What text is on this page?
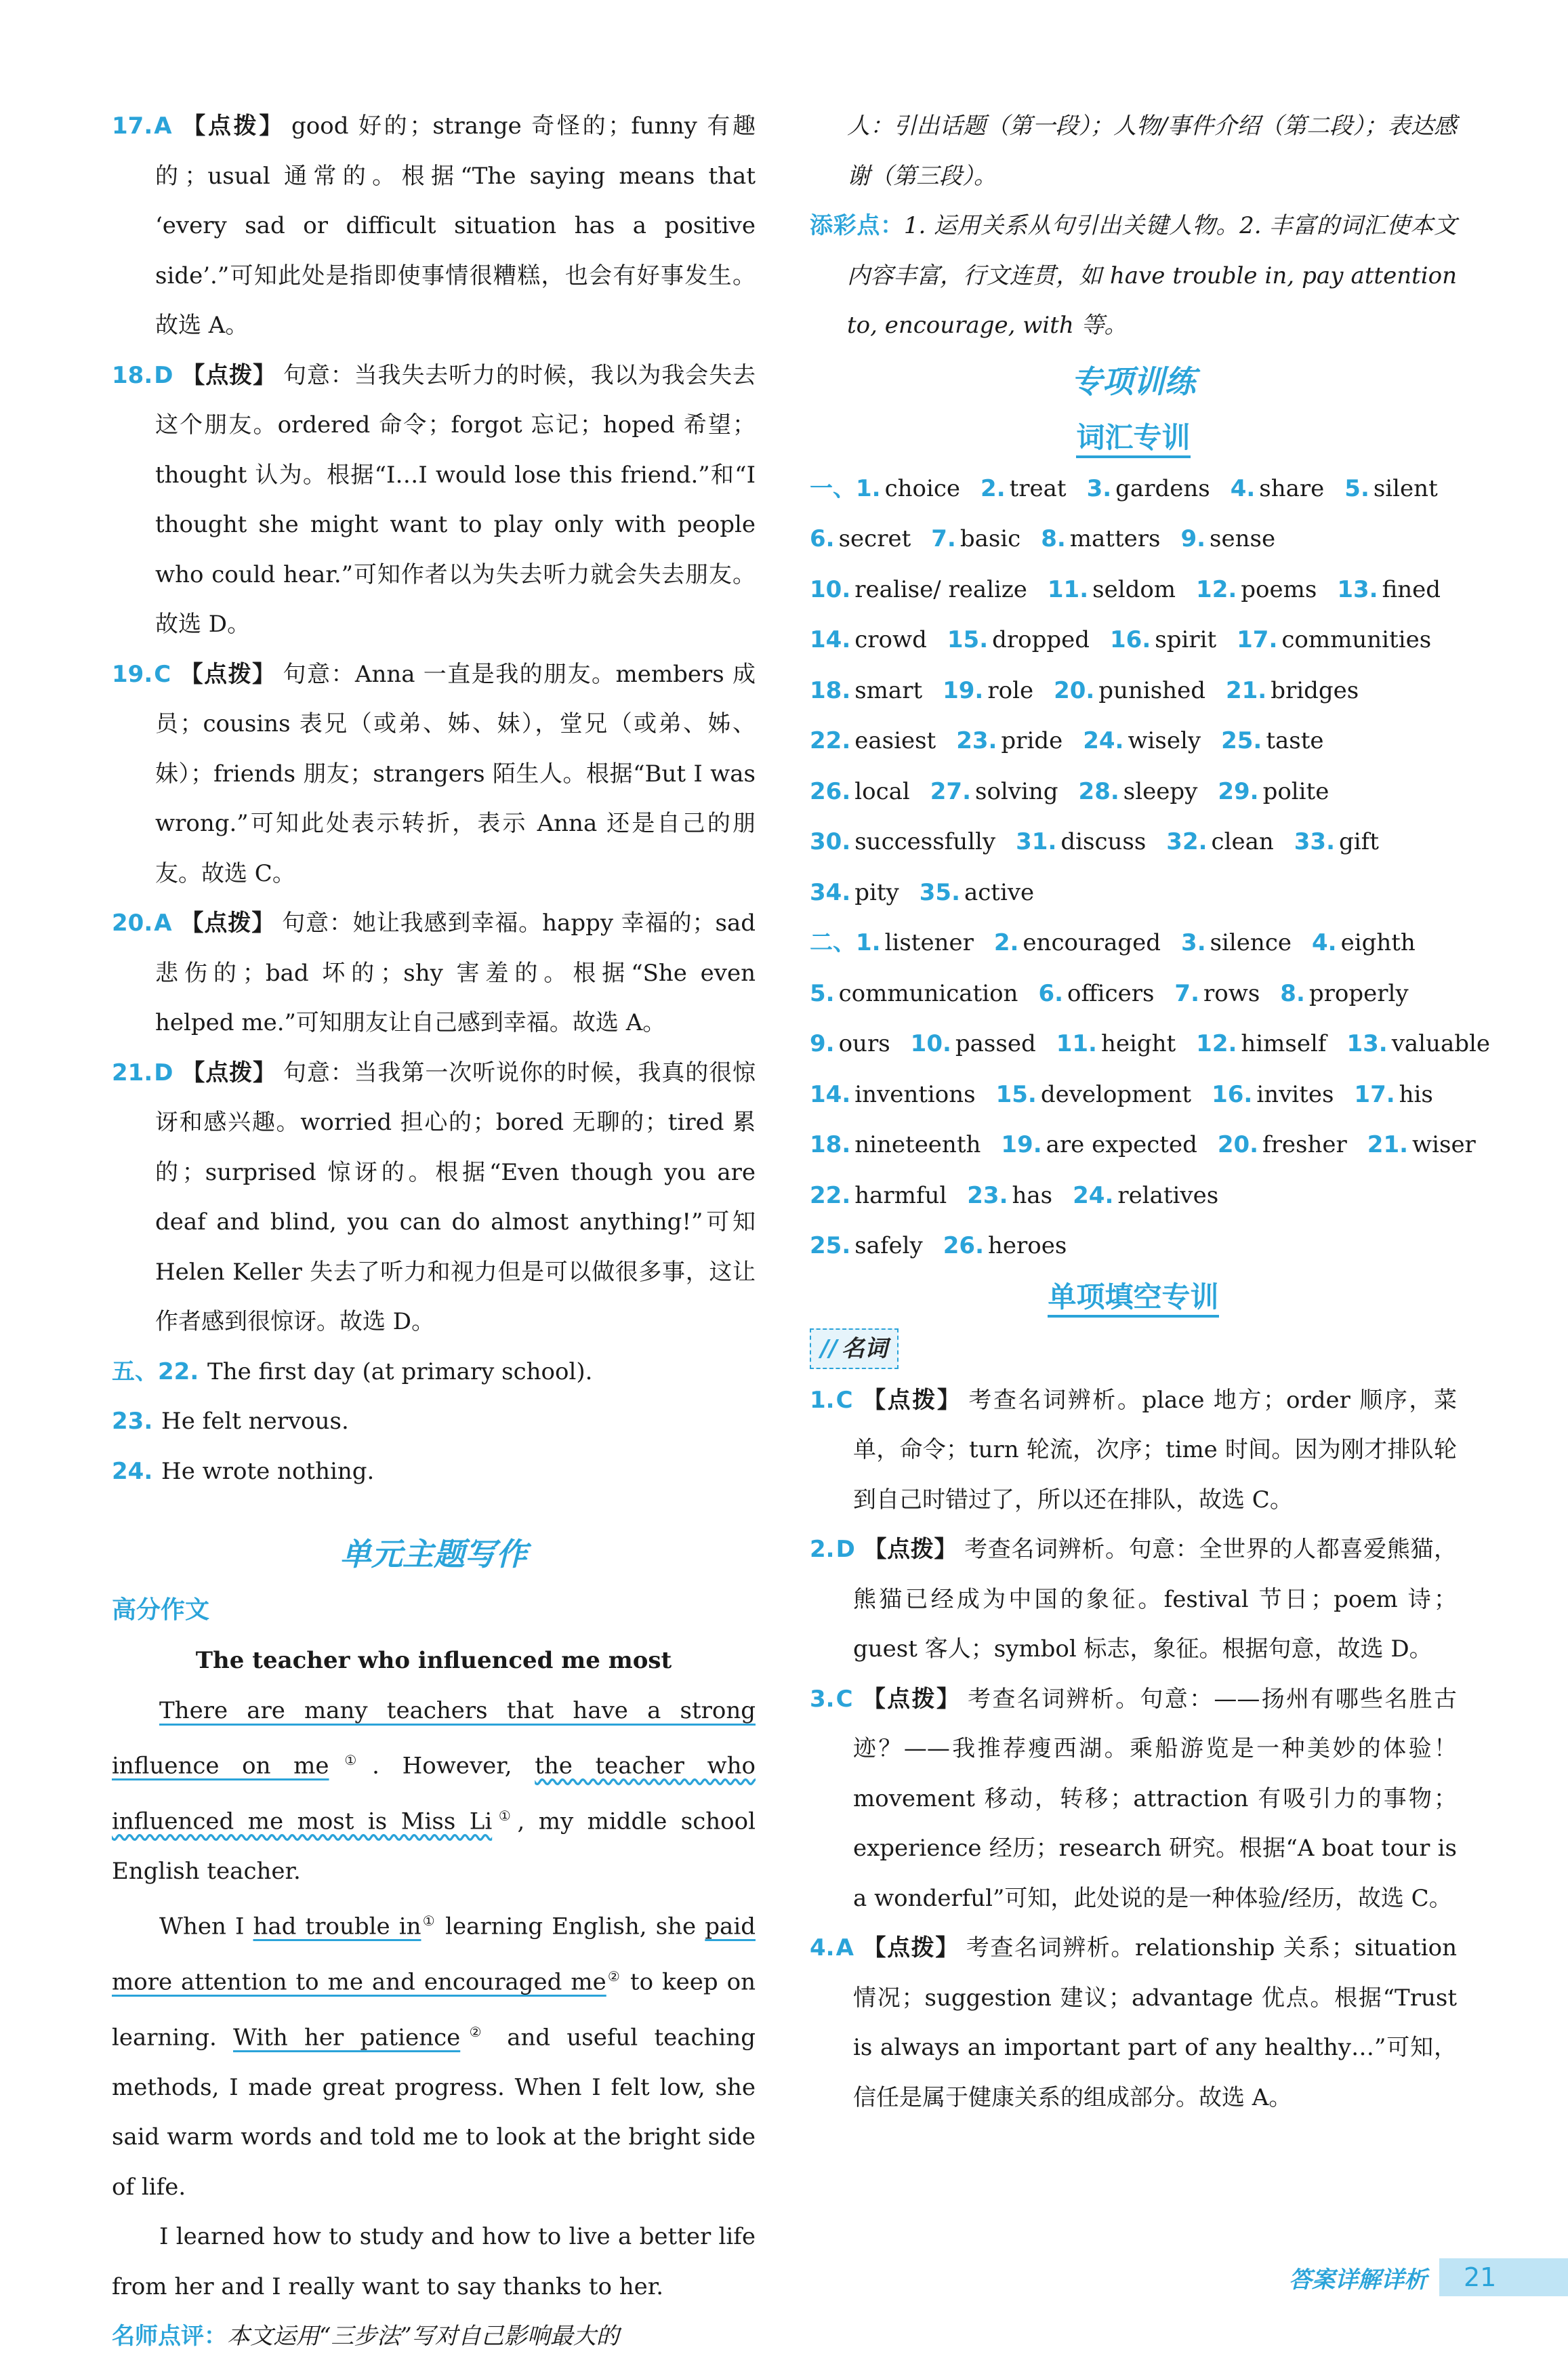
17.A 【点拨】 good 好的；strange 奇怪的；funny 有趣的；usual 通常的。根据“The saying means that ‘every sad or difficult situation has a positive side’.”可知此处是指即使事情很糟糕，也会有好事发生。故选 A。

18.D 【点拨】 句意：当我失去听力的时候，我以为我会失去这个朋友。ordered 命令；forgot 忘记；hoped 希望；thought 认为。根据“I…I would lose this friend.”和“I thought she might want to play only with people who could hear.”可知作者以为失去听力就会失去朋友。故选 D。

19.C 【点拨】 句意：Anna 一直是我的朋友。members 成员；cousins 表兄（或弟、姊、妹），堂兄（或弟、姊、妹）；friends 朋友；strangers 陌生人。根据“But I was wrong.”可知此处表示转折，表示 Anna 还是自己的朋友。故选 C。

20.A 【点拨】 句意：她让我感到幸福。happy 幸福的；sad 悲伤的；bad 坏的；shy 害羞的。根据“She even helped me.”可知朋友让自己感到幸福。故选 A。

21.D 【点拨】 句意：当我第一次听说你的时候，我真的很惊讶和感兴趣。worried 担心的；bored 无聊的；tired 累的；surprised 惊讶的。根据“Even though you are deaf and blind, you can do almost anything!”可知 Helen Keller 失去了听力和视力但是可以做很多事，这让作者感到很惊讶。故选 D。

五、22. The first day (at primary school).

23. He felt nervous.

24. He wrote nothing.

单元主题写作

高分作文

The teacher who influenced me most

There are many teachers that have a strong influence on me①. However, the teacher who influenced me most is Miss Li①, my middle school English teacher.

When I had trouble in① learning English, she paid more attention to me and encouraged me② to keep on learning. With her patience② and useful teaching methods, I made great progress. When I felt low, she said warm words and told me to look at the bright side of life.

I learned how to study and how to live a better life from her and I really want to say thanks to her.

名师点评：本文运用“三步法”写对自己影响最大的

人：引出话题（第一段）；人物/事件介绍（第二段）；表达感谢（第三段）。

添彩点：1. 运用关系从句引出关键人物。2. 丰富的词汇使本文内容丰富，行文连贯，如 have trouble in, pay attention to, encourage, with 等。

专项训练

词汇专训

一、1. choice 2. treat 3. gardens 4. share 5. silent

6. secret 7. basic 8. matters 9. sense

10. realise/ realize 11. seldom 12. poems 13. fined

14. crowd 15. dropped 16. spirit 17. communities

18. smart 19. role 20. punished 21. bridges

22. easiest 23. pride 24. wisely 25. taste

26. local 27. solving 28. sleepy 29. polite

30. successfully 31. discuss 32. clean 33. gift

34. pity 35. active

二、1. listener 2. encouraged 3. silence 4. eighth

5. communication 6. officers 7. rows 8. properly

9. ours 10. passed 11. height 12. himself 13. valuable

14. inventions 15. development 16. invites 17. his

18. nineteenth 19. are expected 20. fresher 21. wiser

22. harmful 23. has 24. relatives

25. safely 26. heroes

单项填空专训

// 名词

1.C 【点拨】 考查名词辨析。place 地方；order 顺序，菜单，命令；turn 轮流，次序；time 时间。因为刚才排队轮到自己时错过了，所以还在排队，故选 C。

2.D 【点拨】 考查名词辨析。句意：全世界的人都喜爱熊猫，熊猫已经成为中国的象征。festival 节日；poem 诗；guest 客人；symbol 标志，象征。根据句意，故选 D。

3.C 【点拨】 考查名词辨析。句意：——扬州有哪些名胜古迹？——我推荐瘦西湖。乘船游览是一种美妙的体验！movement 移动，转移；attraction 有吸引力的事物；experience 经历；research 研究。根据“A boat tour is a wonderful”可知，此处说的是一种体验/经历，故选 C。

4.A 【点拨】 考查名词辨析。relationship 关系；situation 情况；suggestion 建议；advantage 优点。根据“Trust is always an important part of any healthy…”可知，信任是属于健康关系的组成部分。故选 A。

答案详解详析	21
